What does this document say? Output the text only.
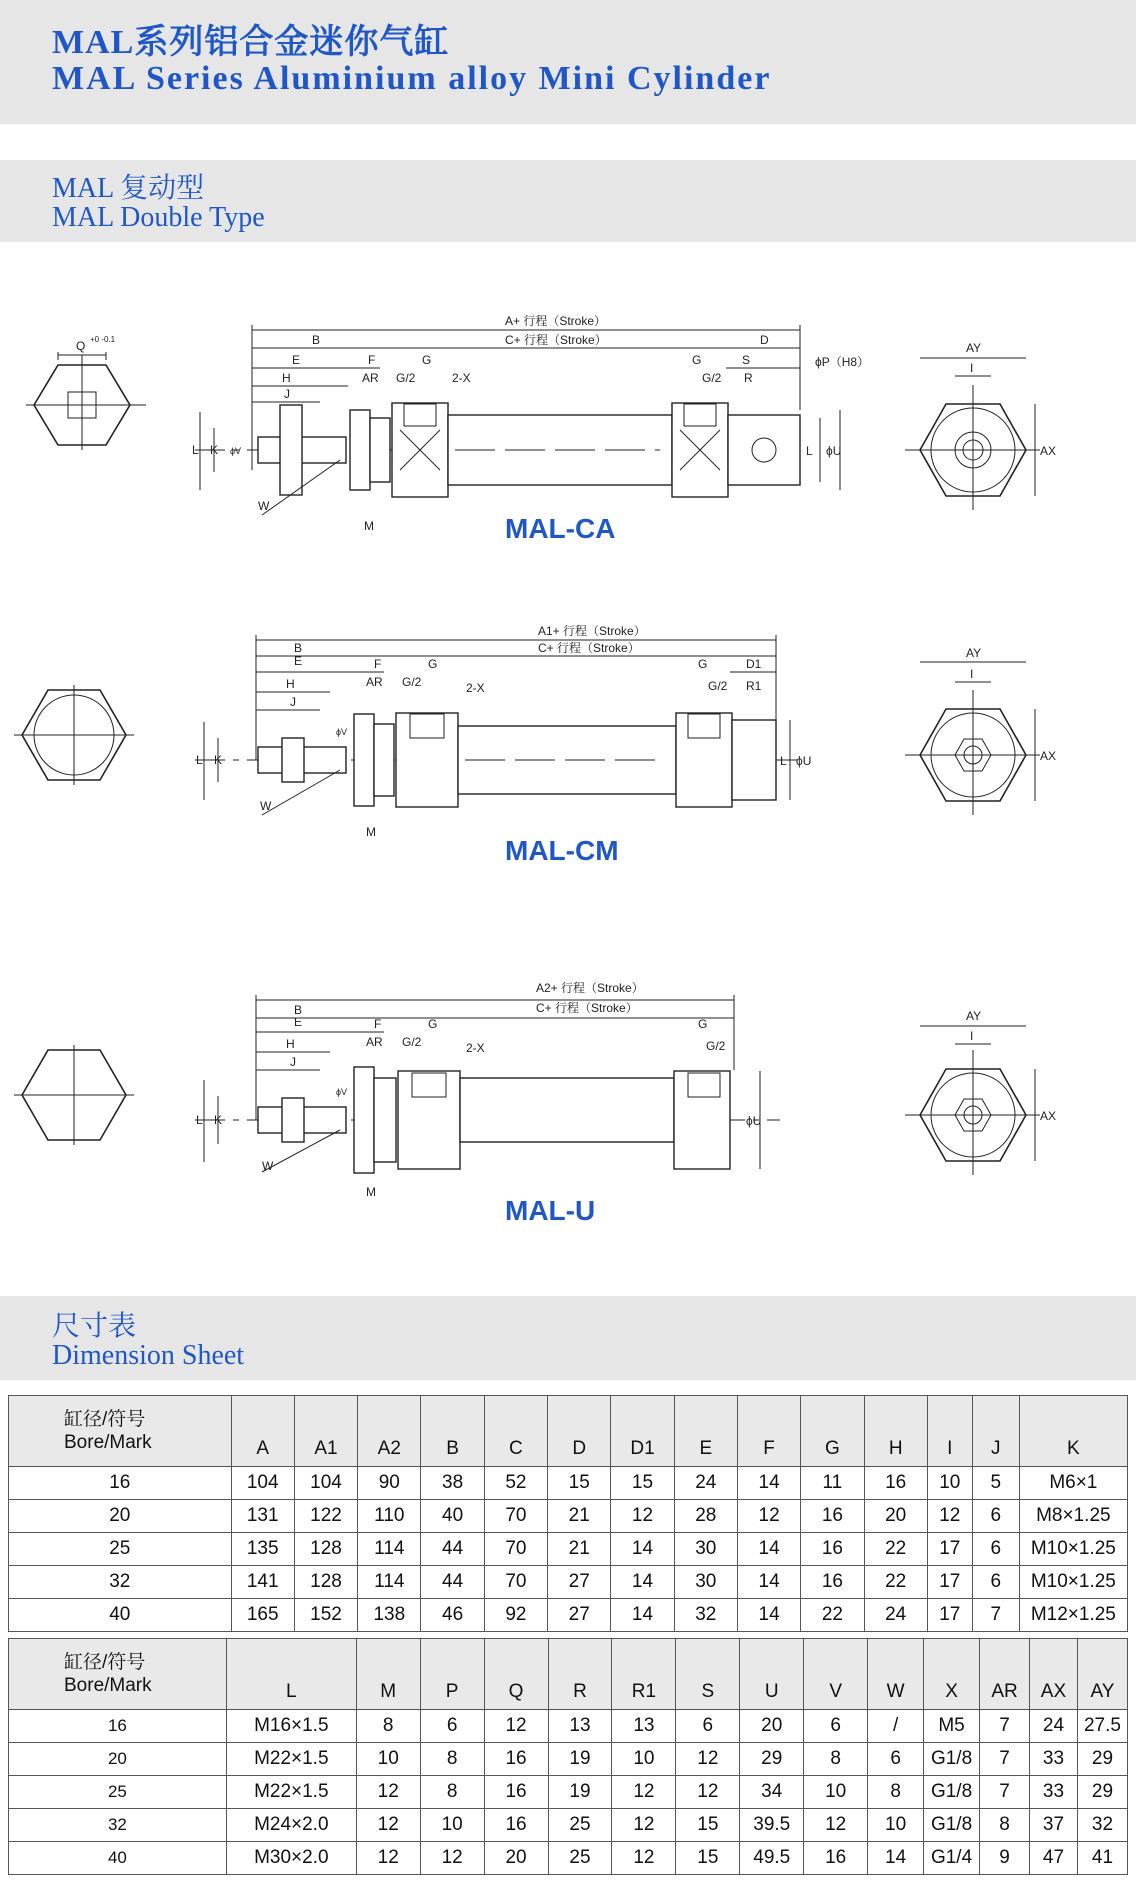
MAL系列铝合金迷你气缸
MAL Series Aluminium alloy Mini Cylinder
MAL 复动型
MAL Double Type
Q +0 -0.1
A+ 行程（Stroke）
C+ 行程（Stroke）
B
E	F	G
H
J
AR G/2	2-X
G
G/2
S
R
D
ϕP（H8）
L K ϕV	ϕU
L
W
M	MAL-CA
AY
I
AX
A1+ 行程（Stroke）
C+ 行程（Stroke）
B
E	F	G
H
J
AR G/2	2-X
G
G/2
D1
R1
L K
ϕV
ϕU
L
W
M
MAL-CM
AY
I
AX
A2+ 行程（Stroke）
C+ 行程（Stroke）
B
E	F	G
H
J
AR G/2	2-X
G
G/2
L K
ϕV
ϕU
W
M
MAL-U
AY
I
AX
尺寸表
Dimension Sheet
缸径/符号
Bore/Mark	A	A1	A2	B	C	D	D1	E	F	G	H	I	J	K
16	104	104	90	38	52	15	15	24	14	11	16	10	5	M6×1
20	131	122	110	40	70	21	12	28	12	16	20	12	6	M8×1.25
25	135	128	114	44	70	21	14	30	14	16	22	17	6	M10×1.25
32	141	128	114	44	70	27	14	30	14	16	22	17	6	M10×1.25
40	165	152	138	46	92	27	14	32	14	22	24	17	7	M12×1.25
缸径/符号
Bore/Mark	L	M	P	Q	R	R1	S	U	V	W	X	AR	AX	AY
16	M16×1.5	8	6	12	13	13	6	20	6	/	M5	7	24	27.5
20	M22×1.5	10	8	16	19	10	12	29	8	6	G1/8	7	33	29
25	M22×1.5	12	8	16	19	12	12	34	10	8	G1/8	7	33	29
32	M24×2.0	12	10	16	25	12	15	39.5	12	10	G1/8	8	37	32
40	M30×2.0	12	12	20	25	12	15	49.5	16	14	G1/4	9	47	41
